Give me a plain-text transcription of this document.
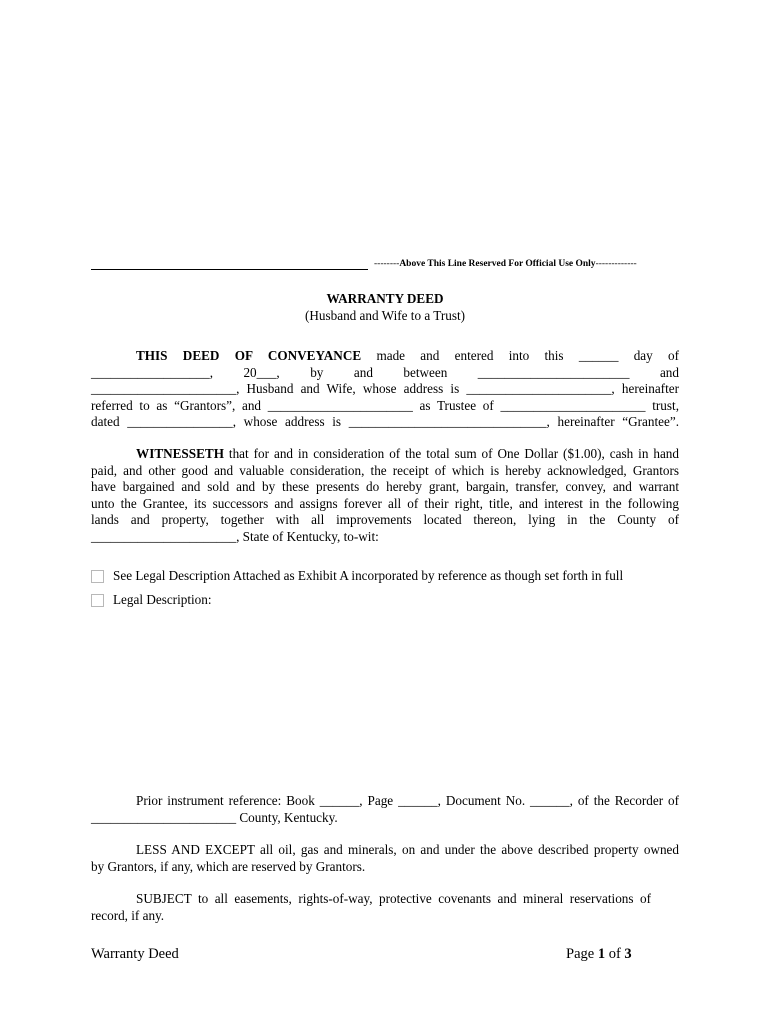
--------Above This Line Reserved For Official Use Only-------------
WARRANTY DEED
(Husband and Wife to a Trust)
THIS DEED OF CONVEYANCE made and entered into this ______ day of
__________________, 20___, by and between _______________________ and
______________________, Husband and Wife, whose address is ______________________, hereinafter
referred to as “Grantors”, and ______________________ as Trustee of ______________________ trust,
dated ________________, whose address is ______________________________, hereinafter “Grantee”.
WITNESSETH that for and in consideration of the total sum of One Dollar ($1.00), cash in hand
paid, and other good and valuable consideration, the receipt of which is hereby acknowledged, Grantors
have bargained and sold and by these presents do hereby grant, bargain, transfer, convey, and warrant
unto the Grantee, its successors and assigns forever all of their right, title, and interest in the following
lands and property, together with all improvements located thereon, lying in the County of
______________________, State of Kentucky, to-wit:
See Legal Description Attached as Exhibit A incorporated by reference as though set forth in full
Legal Description:
Prior instrument reference: Book ______, Page ______, Document No. ______, of the Recorder of
______________________ County, Kentucky.
LESS AND EXCEPT all oil, gas and minerals, on and under the above described property owned
by Grantors, if any, which are reserved by Grantors.
SUBJECT to all easements, rights-of-way, protective covenants and mineral reservations of
record, if any.
Warranty Deed	Page 1 of 3
